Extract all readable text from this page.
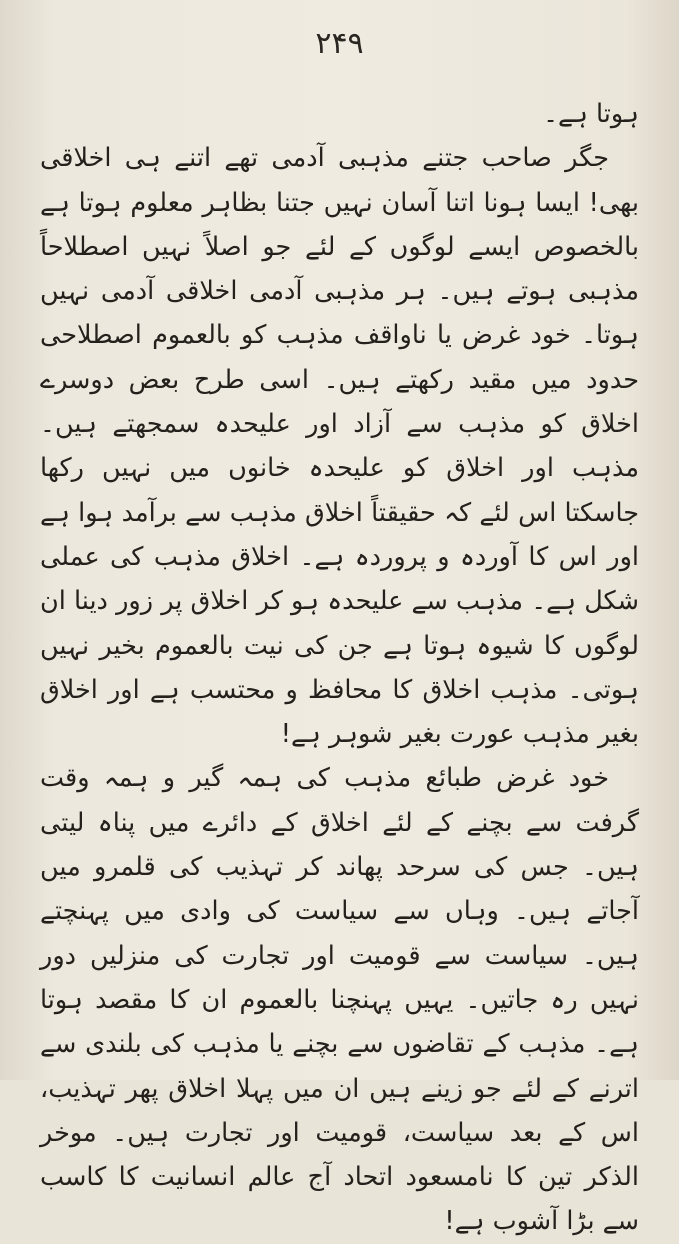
۲۴۹

ہوتا ہے۔

جگر صاحب جتنے مذہبی آدمی تھے اتنے ہی اخلاقی بھی! ایسا ہونا اتنا آسان نہیں جتنا بظاہر معلوم ہوتا ہے بالخصوص ایسے لوگوں کے لئے جو اصلاً نہیں اصطلاحاً مذہبی ہوتے ہیں۔ ہر مذہبی آدمی اخلاقی آدمی نہیں ہوتا۔ خود غرض یا ناواقف مذہب کو بالعموم اصطلاحی حدود میں مقید رکھتے ہیں۔ اسی طرح بعض دوسرے اخلاق کو مذہب سے آزاد اور علیحدہ سمجھتے ہیں۔ مذہب اور اخلاق کو علیحدہ خانوں میں نہیں رکھا جاسکتا اس لئے کہ حقیقتاً اخلاق مذہب سے برآمد ہوا ہے اور اس کا آوردہ و پروردہ ہے۔ اخلاق مذہب کی عملی شکل ہے۔ مذہب سے علیحدہ ہو کر اخلاق پر زور دینا ان لوگوں کا شیوہ ہوتا ہے جن کی نیت بالعموم بخیر نہیں ہوتی۔ مذہب اخلاق کا محافظ و محتسب ہے اور اخلاق بغیر مذہب عورت بغیر شوہر ہے!

خود غرض طبائع مذہب کی ہمہ گیر و ہمہ وقت گرفت سے بچنے کے لئے اخلاق کے دائرے میں پناہ لیتی ہیں۔ جس کی سرحد پھاند کر تہذیب کی قلمرو میں آجاتے ہیں۔ وہاں سے سیاست کی وادی میں پہنچتے ہیں۔ سیاست سے قومیت اور تجارت کی منزلیں دور نہیں رہ جاتیں۔ یہیں پہنچنا بالعموم ان کا مقصد ہوتا ہے۔ مذہب کے تقاضوں سے بچنے یا مذہب کی بلندی سے اترنے کے لئے جو زینے ہیں ان میں پہلا اخلاق پھر تہذیب، اس کے بعد سیاست، قومیت اور تجارت ہیں۔ موخر الذکر تین کا نامسعود اتحاد آج عالم انسانیت کا کاسب سے بڑا آشوب ہے!
